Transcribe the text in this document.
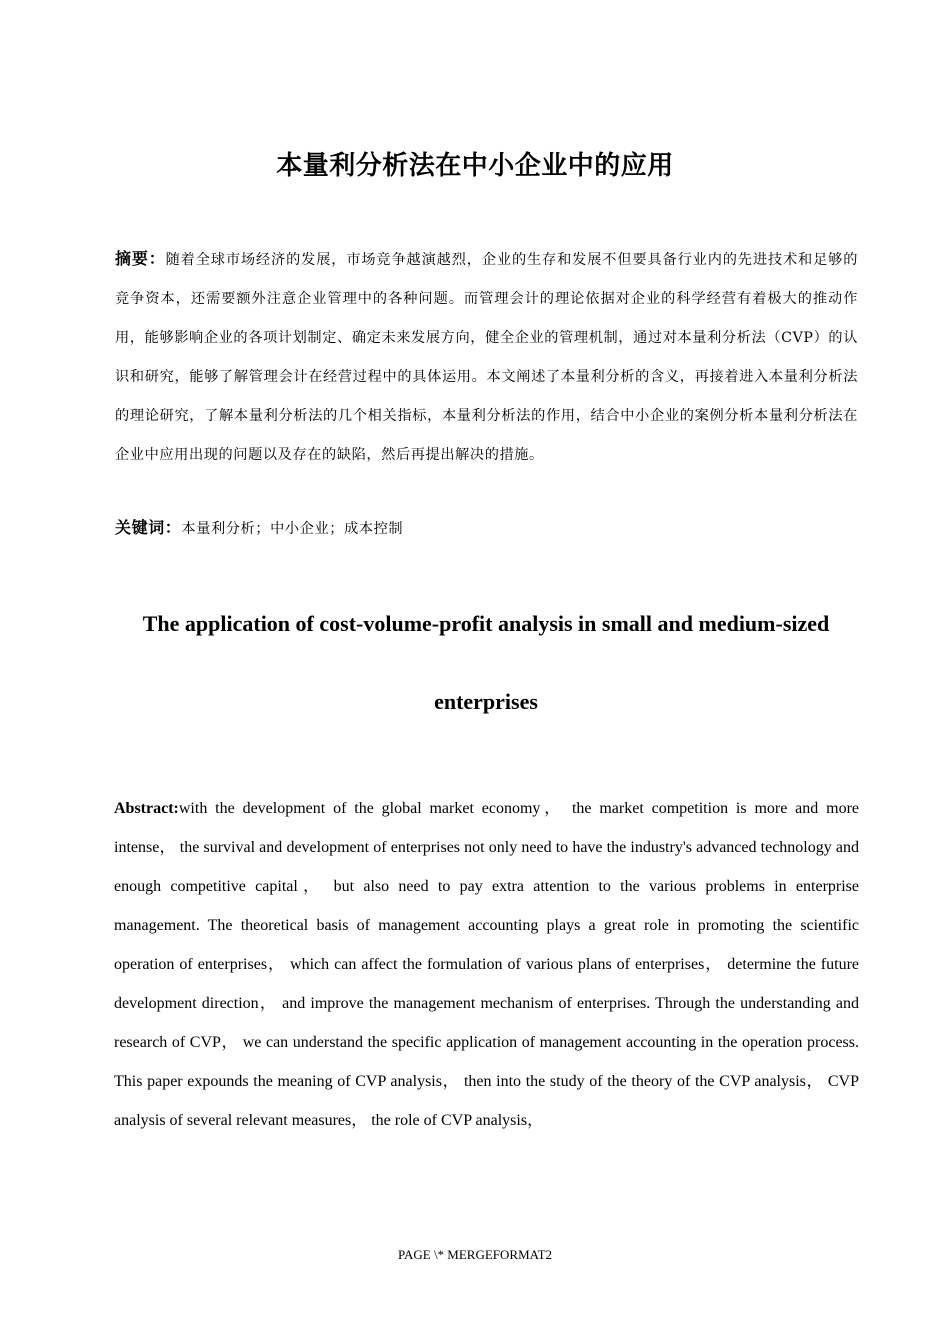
本量利分析法在中小企业中的应用
摘要：随着全球市场经济的发展，市场竞争越演越烈，企业的生存和发展不但要具备行业内的先进技术和足够的竞争资本，还需要额外注意企业管理中的各种问题。而管理会计的理论依据对企业的科学经营有着极大的推动作用，能够影响企业的各项计划制定、确定未来发展方向，健全企业的管理机制，通过对本量利分析法（CVP）的认识和研究，能够了解管理会计在经营过程中的具体运用。本文阐述了本量利分析的含义，再接着进入本量利分析法的理论研究，了解本量利分析法的几个相关指标，本量利分析法的作用，结合中小企业的案例分析本量利分析法在企业中应用出现的问题以及存在的缺陷，然后再提出解决的措施。
关键词：本量利分析；中小企业；成本控制
The application of cost-volume-profit analysis in small and medium-sized enterprises
Abstract:with the development of the global market economy， the market competition is more and more intense， the survival and development of enterprises not only need to have the industry's advanced technology and enough competitive capital， but also need to pay extra attention to the various problems in enterprise management. The theoretical basis of management accounting plays a great role in promoting the scientific operation of enterprises， which can affect the formulation of various plans of enterprises， determine the future development direction， and improve the management mechanism of enterprises. Through the understanding and research of CVP， we can understand the specific application of management accounting in the operation process. This paper expounds the meaning of CVP analysis， then into the study of the theory of the CVP analysis， CVP analysis of several relevant measures， the role of CVP analysis，
PAGE \* MERGEFORMAT2
